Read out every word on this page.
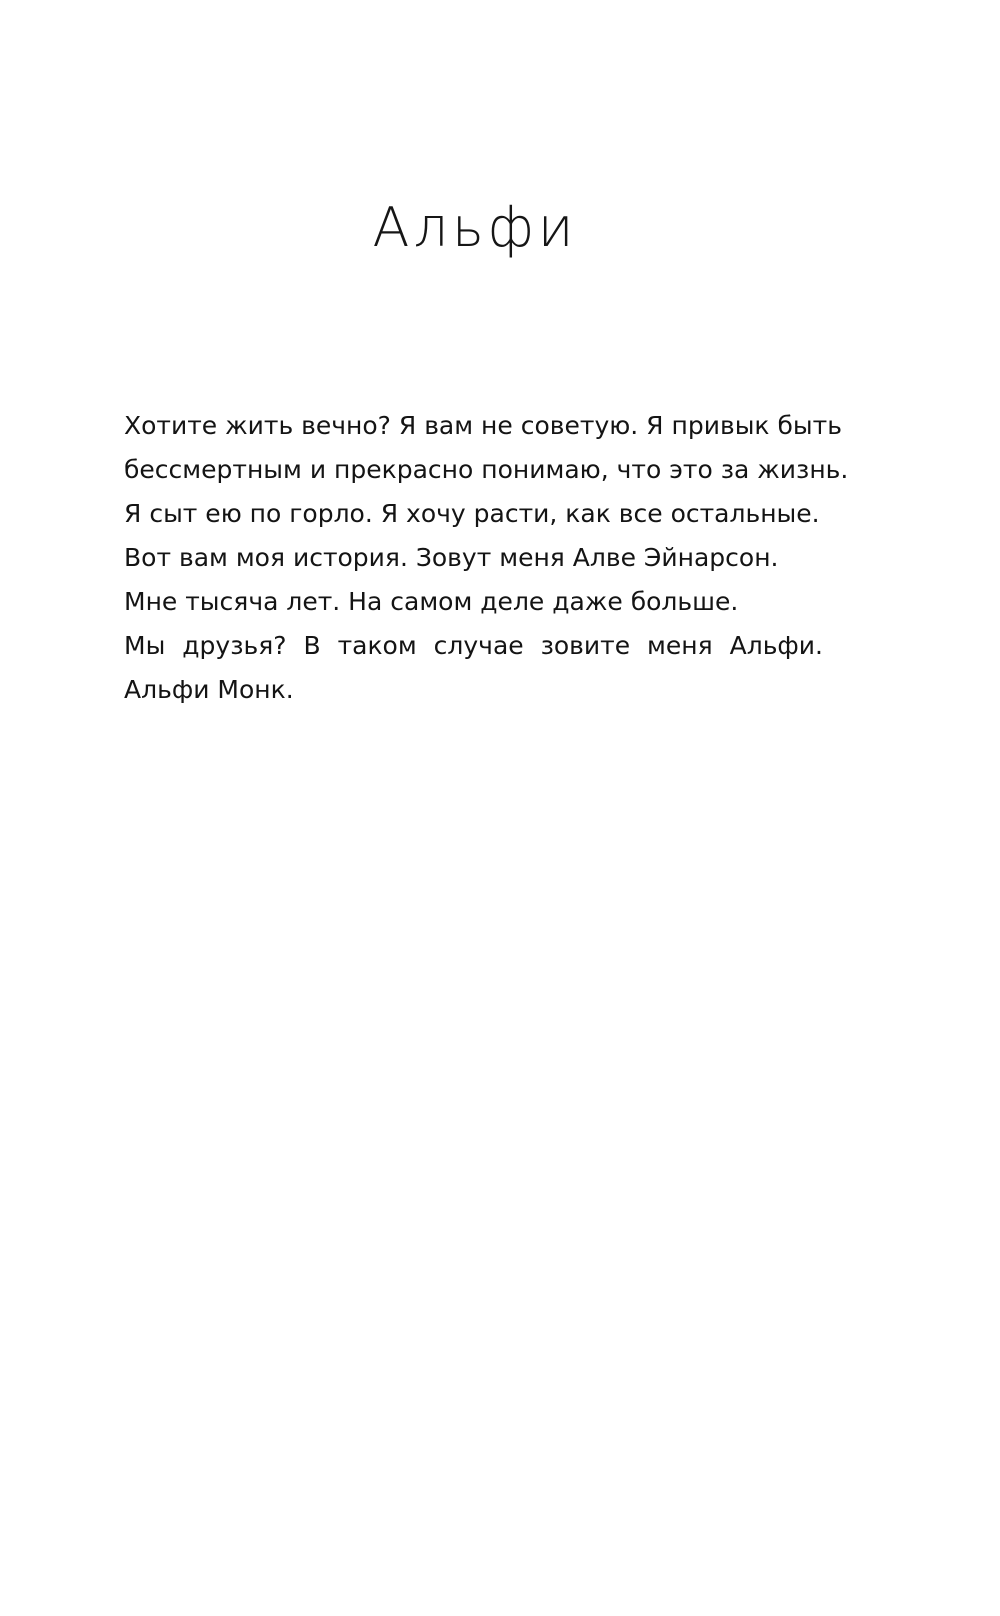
Альфи
Хотите жить вечно? Я вам не советую. Я привык быть
бессмертным и прекрасно понимаю, что это за жизнь.
Я сыт ею по горло. Я хочу расти, как все остальные.
Вот вам моя история. Зовут меня Алве Эйнарсон.
Мне тысяча лет. На самом деле даже больше.
Мы друзья? В таком случае зовите меня Альфи.
Альфи Монк.
